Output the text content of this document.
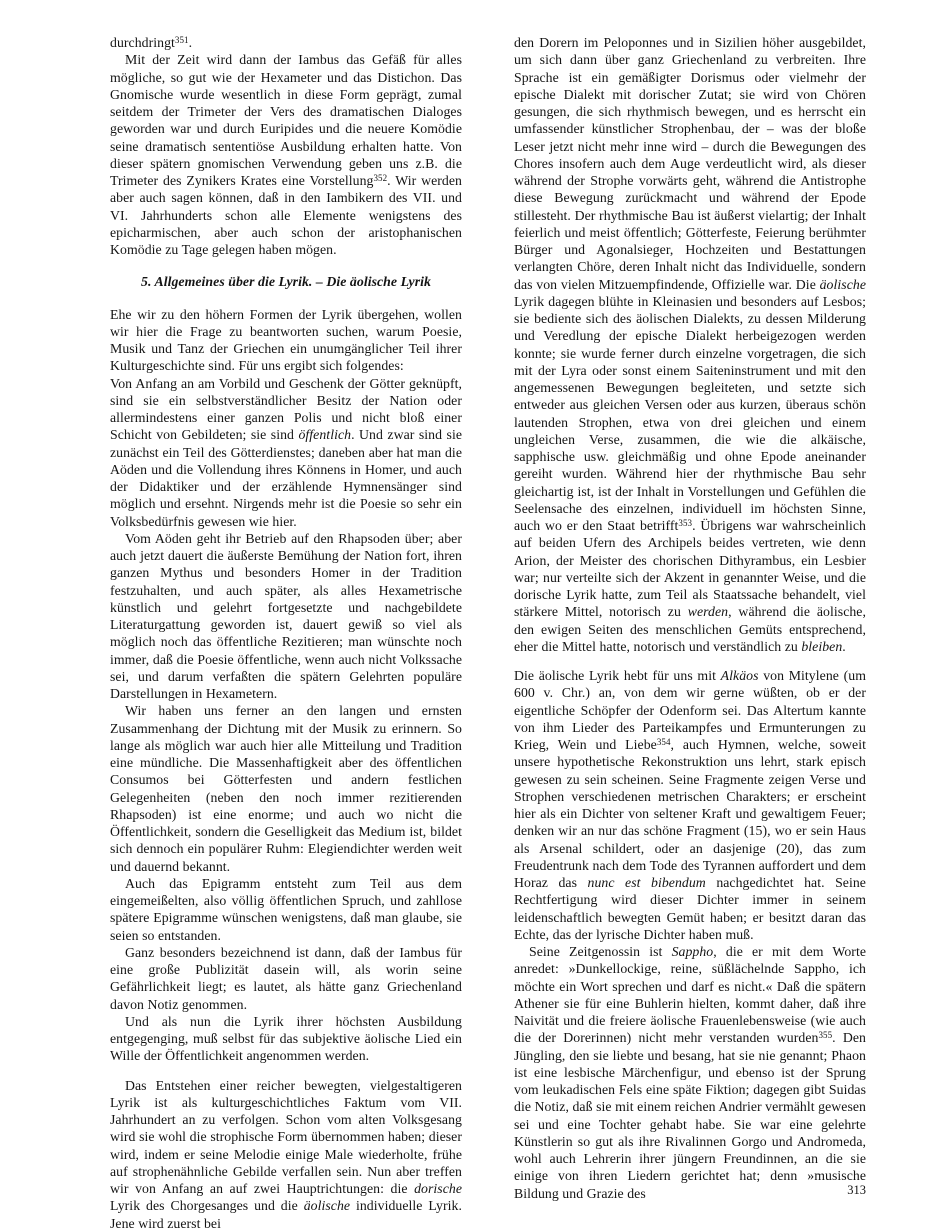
durchdringt$^{351}$.

Mit der Zeit wird dann der Iambus das Gefäß für alles mögliche, so gut wie der Hexameter und das Distichon. Das Gnomische wurde wesentlich in diese Form geprägt, zumal seitdem der Trimeter der Vers des dramatischen Dialoges geworden war und durch Euripides und die neuere Komödie seine dramatisch sententiöse Ausbildung erhalten hatte. Von dieser spätern gnomischen Verwendung geben uns z.B. die Trimeter des Zynikers Krates eine Vorstellung$^{352}$. Wir werden aber auch sagen können, daß in den Iambikern des VII. und VI. Jahrhunderts schon alle Elemente wenigstens des epicharmischen, aber auch schon der aristophanischen Komödie zu Tage gelegen haben mögen.

5. Allgemeines über die Lyrik. – Die äolische Lyrik

Ehe wir zu den höhern Formen der Lyrik übergehen, wollen wir hier die Frage zu beantworten suchen, warum Poesie, Musik und Tanz der Griechen ein unumgänglicher Teil ihrer Kulturgeschichte sind. Für uns ergibt sich folgendes:

Von Anfang an am Vorbild und Geschenk der Götter geknüpft, sind sie ein selbstverständlicher Besitz der Nation oder allermindestens einer ganzen Polis und nicht bloß einer Schicht von Gebildeten; sie sind öffentlich. Und zwar sind sie zunächst ein Teil des Götterdienstes; daneben aber hat man die Aöden und die Vollendung ihres Könnens in Homer, und auch der Didaktiker und der erzählende Hymnensänger sind möglich und ersehnt. Nirgends mehr ist die Poesie so sehr ein Volksbedürfnis gewesen wie hier.

Vom Aöden geht ihr Betrieb auf den Rhapsoden über; aber auch jetzt dauert die äußerste Bemühung der Nation fort, ihren ganzen Mythus und besonders Homer in der Tradition festzuhalten, und auch später, als alles Hexametrische künstlich und gelehrt fortgesetzte und nachgebildete Literaturgattung geworden ist, dauert gewiß so viel als möglich noch das öffentliche Rezitieren; man wünschte noch immer, daß die Poesie öffentliche, wenn auch nicht Volkssache sei, und darum verfaßten die spätern Gelehrten populäre Darstellungen in Hexametern.

Wir haben uns ferner an den langen und ernsten Zusammenhang der Dichtung mit der Musik zu erinnern. So lange als möglich war auch hier alle Mitteilung und Tradition eine mündliche. Die Massenhaftigkeit aber des öffentlichen Consumos bei Götterfesten und andern festlichen Gelegenheiten (neben den noch immer rezitierenden Rhapsoden) ist eine enorme; und auch wo nicht die Öffentlichkeit, sondern die Geselligkeit das Medium ist, bildet sich dennoch ein populärer Ruhm: Elegiendichter werden weit und dauernd bekannt.

Auch das Epigramm entsteht zum Teil aus dem eingemeißelten, also völlig öffentlichen Spruch, und zahllose spätere Epigramme wünschen wenigstens, daß man glaube, sie seien so entstanden.

Ganz besonders bezeichnend ist dann, daß der Iambus für eine große Publizität dasein will, als worin seine Gefährlichkeit liegt; es lautet, als hätte ganz Griechenland davon Notiz genommen.

Und als nun die Lyrik ihrer höchsten Ausbildung entgegenging, muß selbst für das subjektive äolische Lied ein Wille der Öffentlichkeit angenommen werden.

Das Entstehen einer reicher bewegten, vielgestaltigeren Lyrik ist als kulturgeschichtliches Faktum vom VII. Jahrhundert an zu verfolgen. Schon vom alten Volksgesang wird sie wohl die strophische Form übernommen haben; dieser wird, indem er seine Melodie einige Male wiederholte, frühe auf strophenähnliche Gebilde verfallen sein. Nun aber treffen wir von Anfang an auf zwei Hauptrichtungen: die dorische Lyrik des Chorgesanges und die äolische individuelle Lyrik. Jene wird zuerst bei

den Dorern im Peloponnes und in Sizilien höher ausgebildet, um sich dann über ganz Griechenland zu verbreiten. Ihre Sprache ist ein gemäßigter Dorismus oder vielmehr der epische Dialekt mit dorischer Zutat; sie wird von Chören gesungen, die sich rhythmisch bewegen, und es herrscht ein umfassender künstlicher Strophenbau, der – was der bloße Leser jetzt nicht mehr inne wird – durch die Bewegungen des Chores insofern auch dem Auge verdeutlicht wird, als dieser während der Strophe vorwärts geht, während die Antistrophe diese Bewegung zurückmacht und während der Epode stillesteht. Der rhythmische Bau ist äußerst vielartig; der Inhalt feierlich und meist öffentlich; Götterfeste, Feierung berühmter Bürger und Agonalsieger, Hochzeiten und Bestattungen verlangten Chöre, deren Inhalt nicht das Individuelle, sondern das von vielen Mitzuempfindende, Offizielle war. Die äolische Lyrik dagegen blühte in Kleinasien und besonders auf Lesbos; sie bediente sich des äolischen Dialekts, zu dessen Milderung und Veredlung der epische Dialekt herbeigezogen werden konnte; sie wurde ferner durch einzelne vorgetragen, die sich mit der Lyra oder sonst einem Saiteninstrument und mit den angemessenen Bewegungen begleiteten, und setzte sich entweder aus gleichen Versen oder aus kurzen, überaus schön lautenden Strophen, etwa von drei gleichen und einem ungleichen Verse, zusammen, die wie die alkäische, sapphische usw. gleichmäßig und ohne Epode aneinander gereiht wurden. Während hier der rhythmische Bau sehr gleichartig ist, ist der Inhalt in Vorstellungen und Gefühlen die Seelensache des einzelnen, individuell im höchsten Sinne, auch wo er den Staat betrifft$^{353}$. Übrigens war wahrscheinlich auf beiden Ufern des Archipels beides vertreten, wie denn Arion, der Meister des chorischen Dithyrambus, ein Lesbier war; nur verteilte sich der Akzent in genannter Weise, und die dorische Lyrik hatte, zum Teil als Staatssache behandelt, viel stärkere Mittel, notorisch zu werden, während die äolische, den ewigen Seiten des menschlichen Gemüts entsprechend, eher die Mittel hatte, notorisch und verständlich zu bleiben.

Die äolische Lyrik hebt für uns mit Alkäos von Mitylene (um 600 v. Chr.) an, von dem wir gerne wüßten, ob er der eigentliche Schöpfer der Odenform sei. Das Altertum kannte von ihm Lieder des Parteikampfes und Ermunterungen zu Krieg, Wein und Liebe$^{354}$, auch Hymnen, welche, soweit unsere hypothetische Rekonstruktion uns lehrt, stark episch gewesen zu sein scheinen. Seine Fragmente zeigen Verse und Strophen verschiedenen metrischen Charakters; er erscheint hier als ein Dichter von seltener Kraft und gewaltigem Feuer; denken wir an nur das schöne Fragment (15), wo er sein Haus als Arsenal schildert, oder an dasjenige (20), das zum Freudentrunk nach dem Tode des Tyrannen auffordert und dem Horaz das nunc est bibendum nachgedichtet hat. Seine Rechtfertigung wird dieser Dichter immer in seinem leidenschaftlich bewegten Gemüt haben; er besitzt daran das Echte, das der lyrische Dichter haben muß.

Seine Zeitgenossin ist Sappho, die er mit dem Worte anredet: »Dunkellockige, reine, süßlächelnde Sappho, ich möchte ein Wort sprechen und darf es nicht.« Daß die spätern Athener sie für eine Buhlerin hielten, kommt daher, daß ihre Naivität und die freiere äolische Frauenlebensweise (wie auch die der Dorerinnen) nicht mehr verstanden wurden$^{355}$. Den Jüngling, den sie liebte und besang, hat sie nie genannt; Phaon ist eine lesbische Märchenfigur, und ebenso ist der Sprung vom leukadischen Fels eine späte Fiktion; dagegen gibt Suidas die Notiz, daß sie mit einem reichen Andrier vermählt gewesen sei und eine Tochter gehabt habe. Sie war eine gelehrte Künstlerin so gut als ihre Rivalinnen Gorgo und Andromeda, wohl auch Lehrerin ihrer jüngern Freundinnen, an die sie einige von ihren Liedern gerichtet hat; denn »musische Bildung und Grazie des	313
